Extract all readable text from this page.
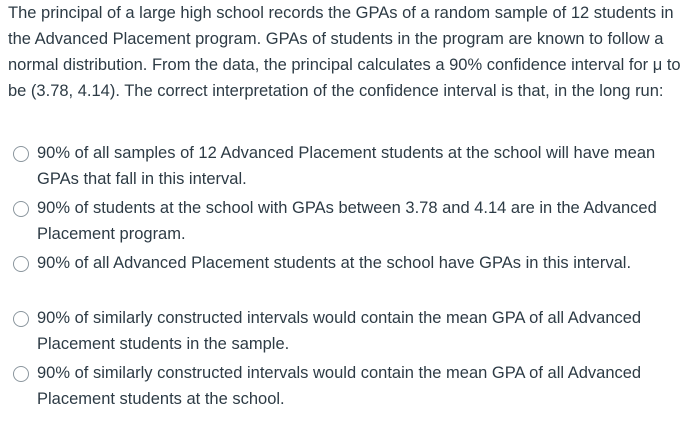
The principal of a large high school records the GPAs of a random sample of 12 students in the Advanced Placement program. GPAs of students in the program are known to follow a normal distribution. From the data, the principal calculates a 90% confidence interval for μ to be (3.78, 4.14). The correct interpretation of the confidence interval is that, in the long run:

90% of all samples of 12 Advanced Placement students at the school will have mean GPAs that fall in this interval.
90% of students at the school with GPAs between 3.78 and 4.14 are in the Advanced Placement program.
90% of all Advanced Placement students at the school have GPAs in this interval.
90% of similarly constructed intervals would contain the mean GPA of all Advanced Placement students in the sample.
90% of similarly constructed intervals would contain the mean GPA of all Advanced Placement students at the school.
